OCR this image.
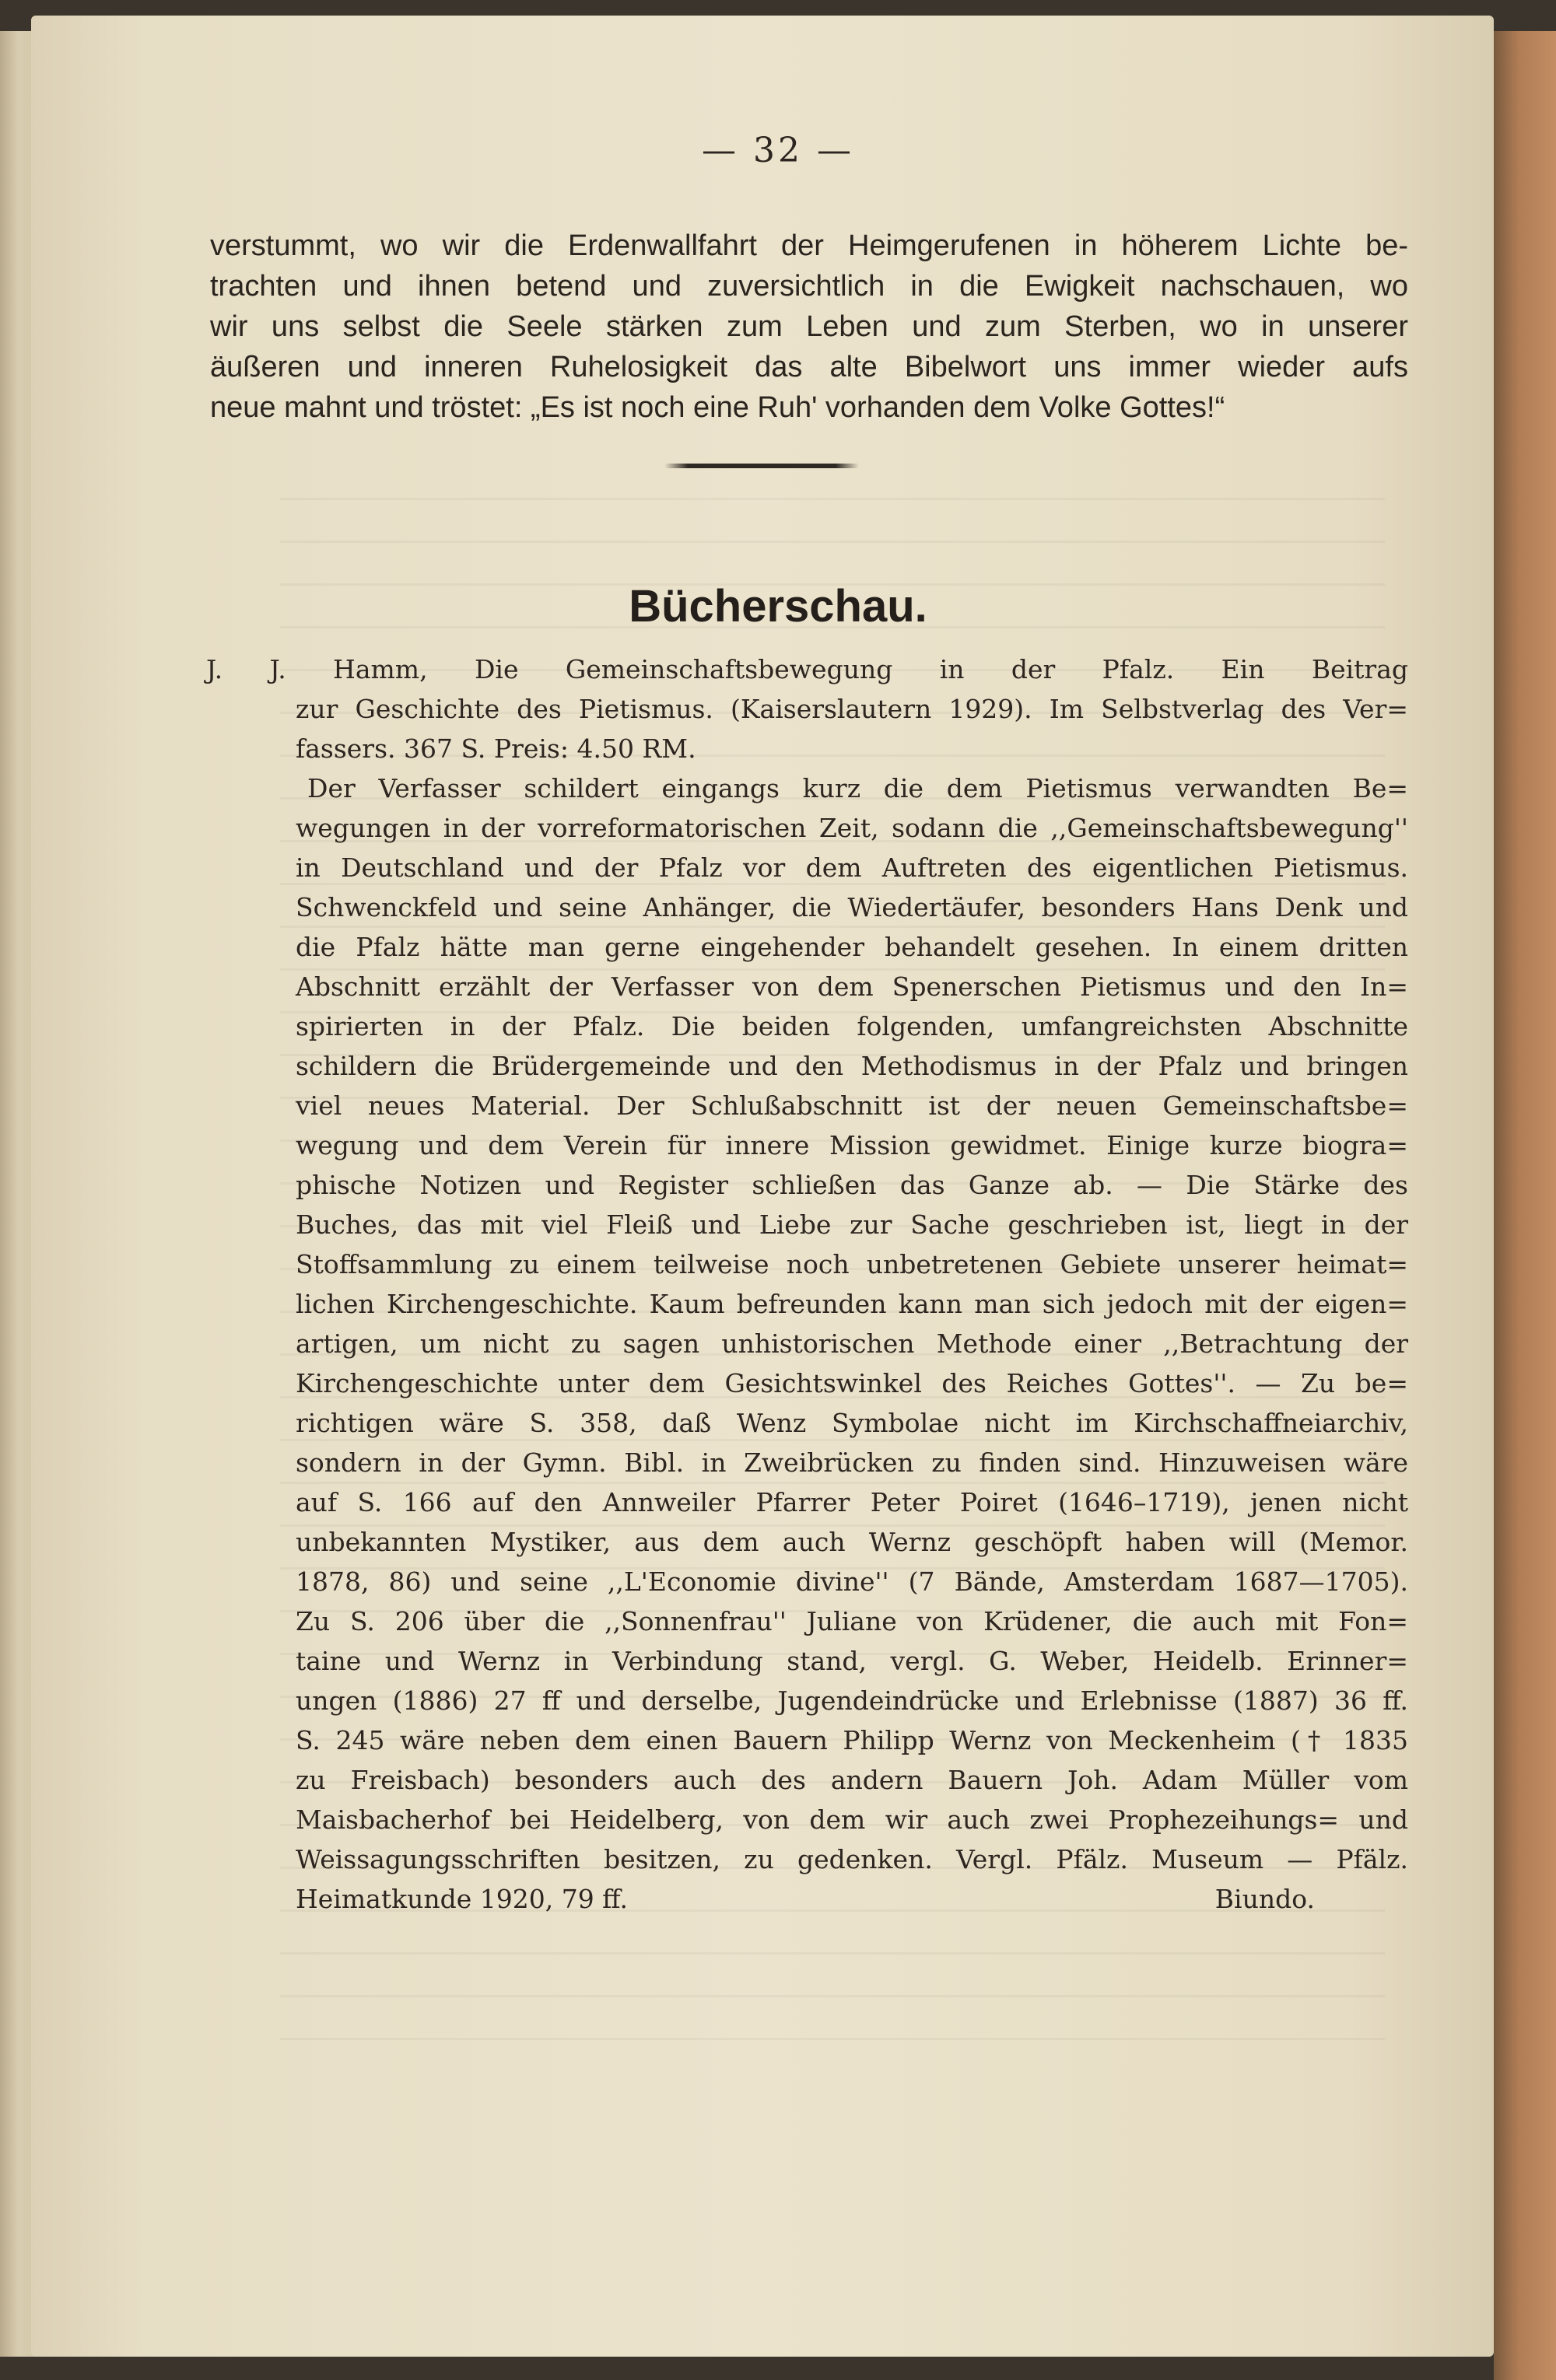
— 32 —
verstummt, wo wir die Erdenwallfahrt der Heimgerufenen in höherem Lichte be-
trachten und ihnen betend und zuversichtlich in die Ewigkeit nachschauen, wo
wir uns selbst die Seele stärken zum Leben und zum Sterben, wo in unserer
äußeren und inneren Ruhelosigkeit das alte Bibelwort uns immer wieder aufs
neue mahnt und tröstet: „Es ist noch eine Ruh' vorhanden dem Volke Gottes!“
Bücherschau.
J. J. Hamm, Die Gemeinschaftsbewegung in der Pfalz. Ein Beitrag
zur Geschichte des Pietismus. (Kaiserslautern 1929). Im Selbstverlag des Ver=
fassers. 367 S. Preis: 4.50 RM.
Der Verfasser schildert eingangs kurz die dem Pietismus verwandten Be=
wegungen in der vorreformatorischen Zeit, sodann die ,,Gemeinschaftsbewegung''
in Deutschland und der Pfalz vor dem Auftreten des eigentlichen Pietismus.
Schwenckfeld und seine Anhänger, die Wiedertäufer, besonders Hans Denk und
die Pfalz hätte man gerne eingehender behandelt gesehen. In einem dritten
Abschnitt erzählt der Verfasser von dem Spenerschen Pietismus und den In=
spirierten in der Pfalz. Die beiden folgenden, umfangreichsten Abschnitte
schildern die Brüdergemeinde und den Methodismus in der Pfalz und bringen
viel neues Material. Der Schlußabschnitt ist der neuen Gemeinschaftsbe=
wegung und dem Verein für innere Mission gewidmet. Einige kurze biogra=
phische Notizen und Register schließen das Ganze ab. — Die Stärke des
Buches, das mit viel Fleiß und Liebe zur Sache geschrieben ist, liegt in der
Stoffsammlung zu einem teilweise noch unbetretenen Gebiete unserer heimat=
lichen Kirchengeschichte. Kaum befreunden kann man sich jedoch mit der eigen=
artigen, um nicht zu sagen unhistorischen Methode einer ,,Betrachtung der
Kirchengeschichte unter dem Gesichtswinkel des Reiches Gottes''. — Zu be=
richtigen wäre S. 358, daß Wenz Symbolae nicht im Kirchschaffneiarchiv,
sondern in der Gymn. Bibl. in Zweibrücken zu finden sind. Hinzuweisen wäre
auf S. 166 auf den Annweiler Pfarrer Peter Poiret (1646–1719), jenen nicht
unbekannten Mystiker, aus dem auch Wernz geschöpft haben will (Memor.
1878, 86) und seine ,,L'Economie divine'' (7 Bände, Amsterdam 1687—1705).
Zu S. 206 über die ,,Sonnenfrau'' Juliane von Krüdener, die auch mit Fon=
taine und Wernz in Verbindung stand, vergl. G. Weber, Heidelb. Erinner=
ungen (1886) 27 ff und derselbe, Jugendeindrücke und Erlebnisse (1887) 36 ff.
S. 245 wäre neben dem einen Bauern Philipp Wernz von Meckenheim († 1835
zu Freisbach) besonders auch des andern Bauern Joh. Adam Müller vom
Maisbacherhof bei Heidelberg, von dem wir auch zwei Prophezeihungs= und
Weissagungsschriften besitzen, zu gedenken. Vergl. Pfälz. Museum — Pfälz.
Heimatkunde 1920, 79 ff.	Biundo.
